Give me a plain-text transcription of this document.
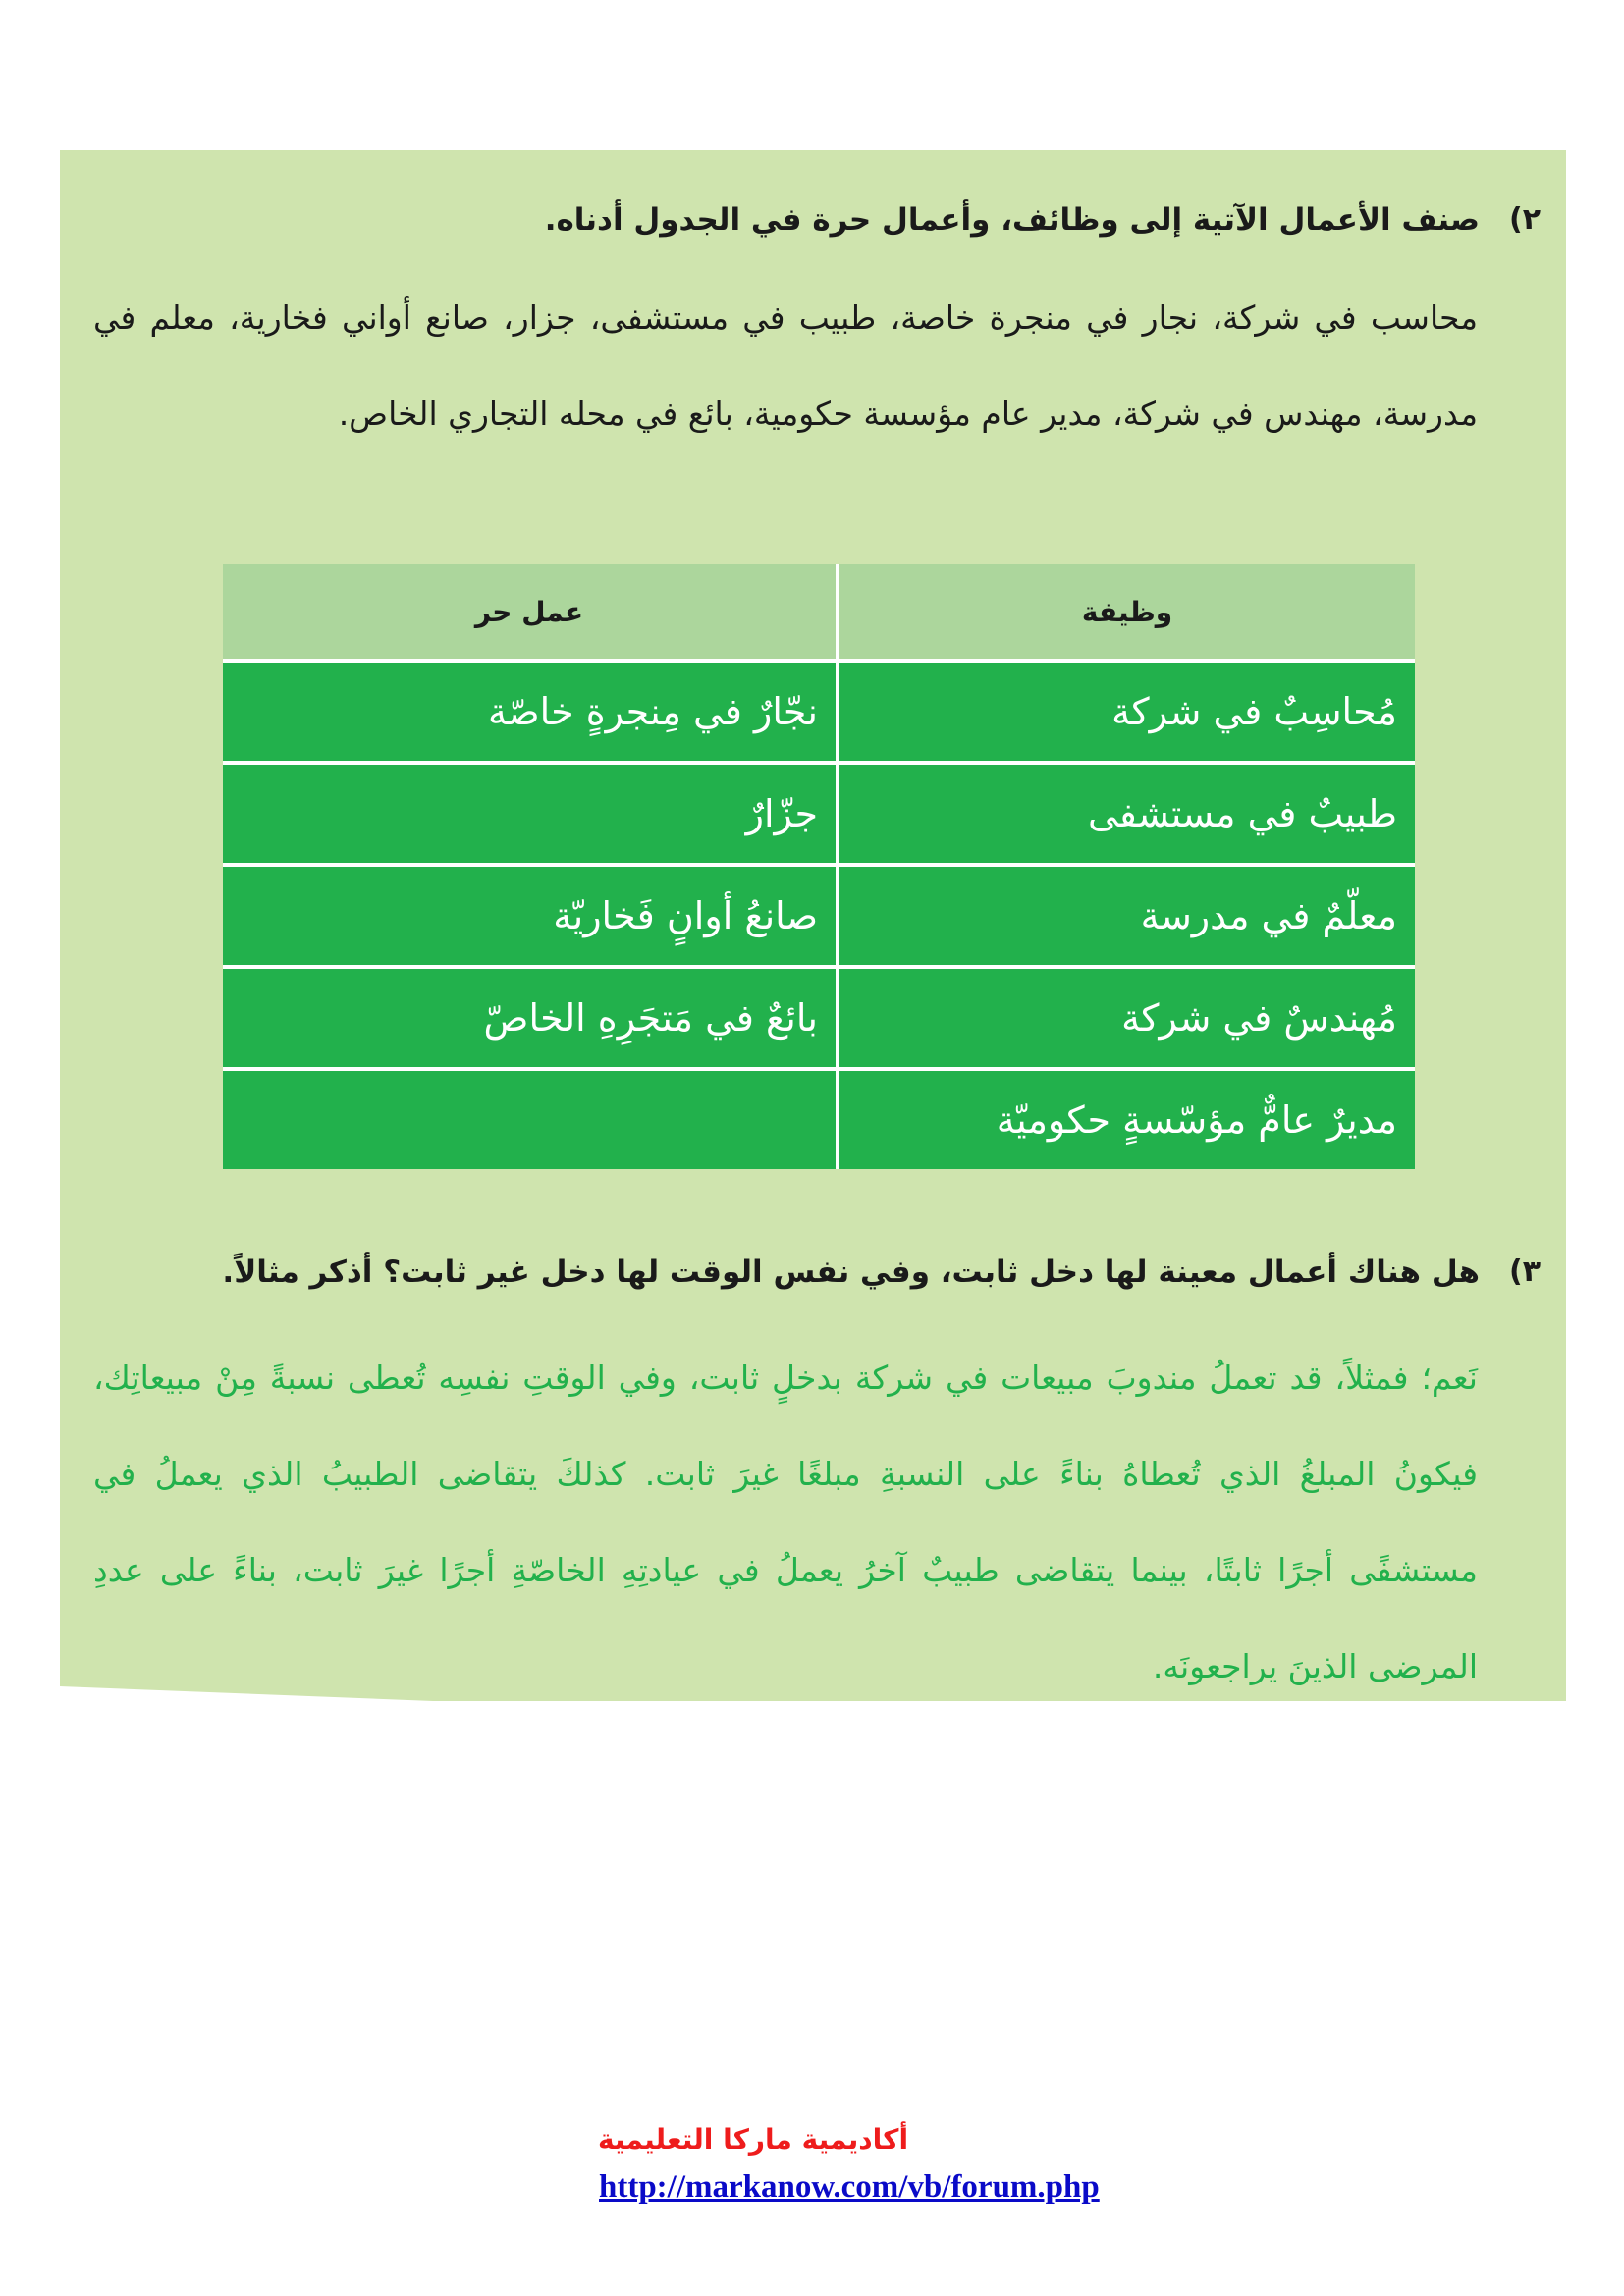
٢)
صنف الأعمال الآتية إلى وظائف، وأعمال حرة في الجدول أدناه.
محاسب في شركة، نجار في منجرة خاصة، طبيب في مستشفى، جزار، صانع أواني فخارية، معلم في مدرسة، مهندس في شركة، مدير عام مؤسسة حكومية، بائع في محله التجاري الخاص.
وظيفة	عمل حر
مُحاسِبٌ في شركة	نجّارٌ في مِنجرةٍ خاصّة
طبيبٌ في مستشفى	جزّارٌ
معلّمٌ في مدرسة	صانعُ أوانٍ فَخاريّة
مُهندسٌ في شركة	بائعٌ في مَتجَرِهِ الخاصّ
مديرٌ عامٌّ مؤسّسةٍ حكوميّة	
٣)
هل هناك أعمال معينة لها دخل ثابت، وفي نفس الوقت لها دخل غير ثابت؟ أذكر مثالاً.
نَعم؛ فمثلاً، قد تعملُ مندوبَ مبيعات في شركة بدخلٍ ثابت، وفي الوقتِ نفسِه تُعطى نسبةً مِنْ مبيعاتِك، فيكونُ المبلغُ الذي تُعطاهُ بناءً على النسبةِ مبلغًا غيرَ ثابت. كذلكَ يتقاضى الطبيبُ الذي يعملُ في مستشفًى أجرًا ثابتًا، بينما يتقاضى طبيبٌ آخرُ يعملُ في عيادتِهِ الخاصّةِ أجرًا غيرَ ثابت، بناءً على عددِ المرضى الذينَ يراجعونَه.
أكاديمية ماركا التعليمية
http://markanow.com/vb/forum.php
